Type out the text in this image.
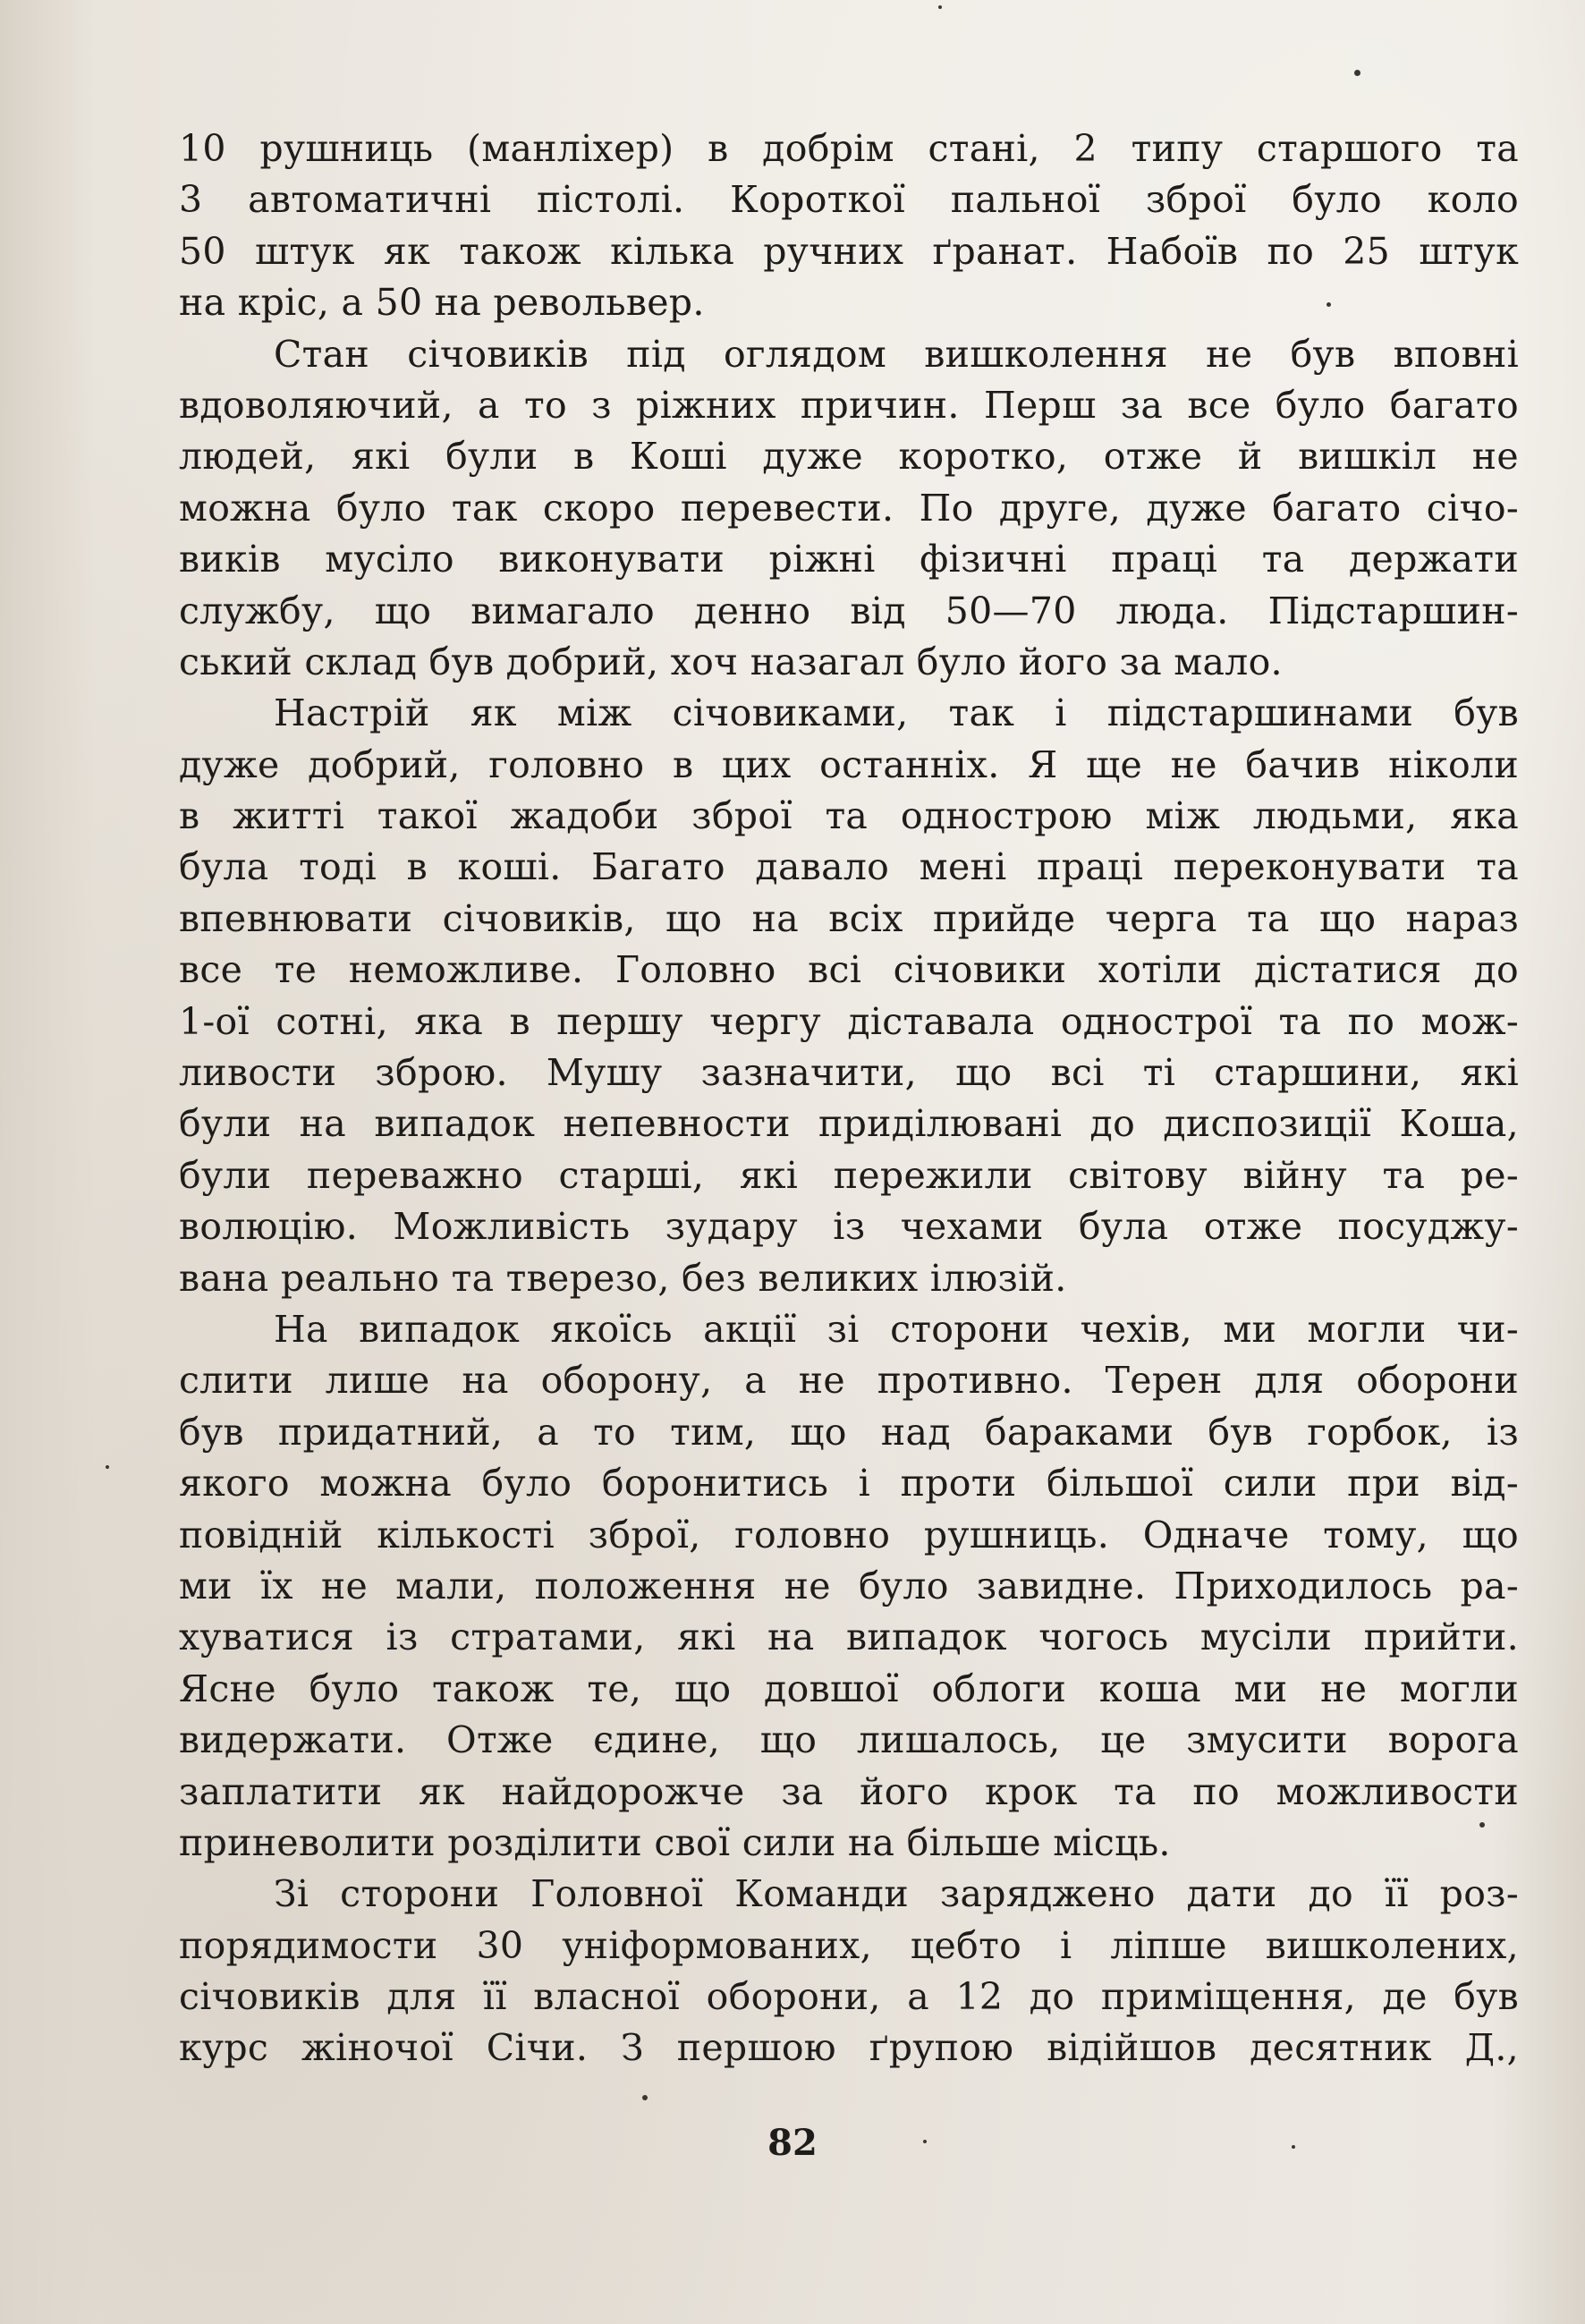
10 рушниць (манліхер) в добрім стані, 2 типу старшого та
3 автоматичні пістолі. Короткої пальної зброї було коло
50 штук як також кілька ручних ґранат. Набоїв по 25 штук
на кріс, а 50 на револьвер.
Стан січовиків під оглядом вишколення не був вповні
вдоволяючий, а то з ріжних причин. Перш за все було багато
людей, які були в Коші дуже коротко, отже й вишкіл не
можна було так скоро перевести. По друге, дуже багато січо-
виків мусіло виконувати ріжні фізичні праці та держати
службу, що вимагало денно від 50—70 люда. Підстаршин-
ський склад був добрий, хоч назагал було його за мало.
Настрій як між січовиками, так і підстаршинами був
дуже добрий, головно в цих останніх. Я ще не бачив ніколи
в житті такої жадоби зброї та однострою між людьми, яка
була тоді в коші. Багато давало мені праці переконувати та
впевнювати січовиків, що на всіх прийде черга та що нараз
все те неможливе. Головно всі січовики хотіли дістатися до
1-ої сотні, яка в першу чергу діставала однострої та по мож-
ливости зброю. Мушу зазначити, що всі ті старшини, які
були на випадок непевности приділювані до диспозиції Коша,
були переважно старші, які пережили світову війну та ре-
волюцію. Можливість зудару із чехами була отже посуджу-
вана реально та тверезо, без великих ілюзій.
На випадок якоїсь акції зі сторони чехів, ми могли чи-
слити лише на оборону, а не противно. Терен для оборони
був придатний, а то тим, що над бараками був горбок, із
якого можна було боронитись і проти більшої сили при від-
повідній кількості зброї, головно рушниць. Одначе тому, що
ми їх не мали, положення не було завидне. Приходилось ра-
хуватися із стратами, які на випадок чогось мусіли прийти.
Ясне було також те, що довшої облоги коша ми не могли
видержати. Отже єдине, що лишалось, це змусити ворога
заплатити як найдорожче за його крок та по можливости
приневолити розділити свої сили на більше місць.
Зі сторони Головної Команди заряджено дати до її роз-
порядимости 30 уніформованих, цебто і ліпше вишколених,
січовиків для її власної оборони, а 12 до приміщення, де був
курс жіночої Січи. З першою ґрупою відійшов десятник Д.,
82
